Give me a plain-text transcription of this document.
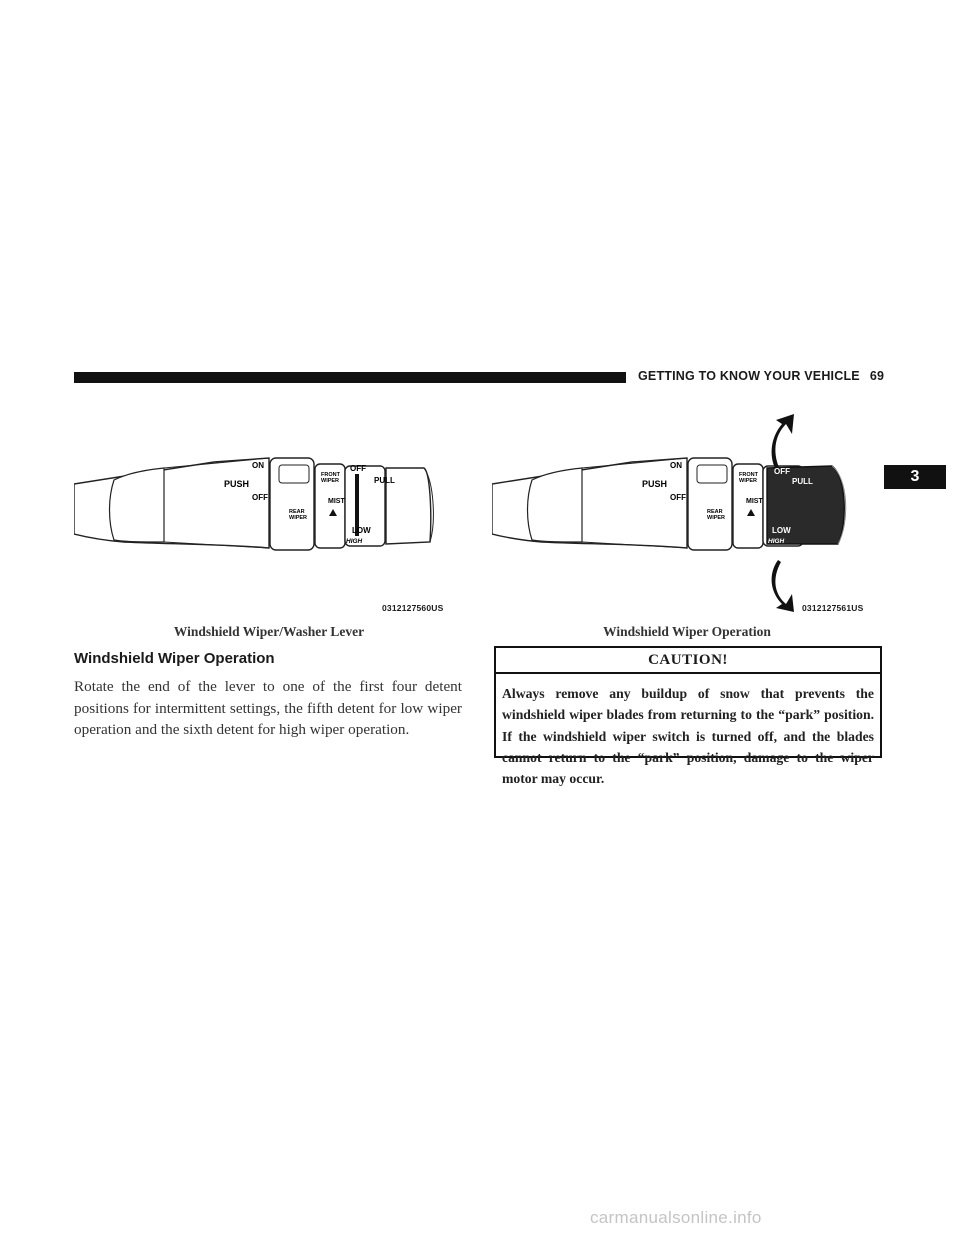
GETTING TO KNOW YOUR VEHICLE 69
3
PUSH
ON
OFF
REAR
WIPER
FRONT
WIPER
MIST
OFF
PULL
LOW
HIGH
0312127560US
Windshield Wiper/Washer Lever
PUSH
ON
OFF
REAR
WIPER
FRONT
WIPER
MIST
OFF
PULL
LOW
HIGH
0312127561US
Windshield Wiper Operation
Windshield Wiper Operation
Rotate the end of the lever to one of the first four detent positions for intermittent settings, the fifth detent for low wiper operation and the sixth detent for high wiper operation.
CAUTION!
Always remove any buildup of snow that prevents the windshield wiper blades from returning to the “park” position. If the windshield wiper switch is turned off, and the blades cannot return to the “park” position, damage to the wiper motor may occur.
carmanualsonline.info
